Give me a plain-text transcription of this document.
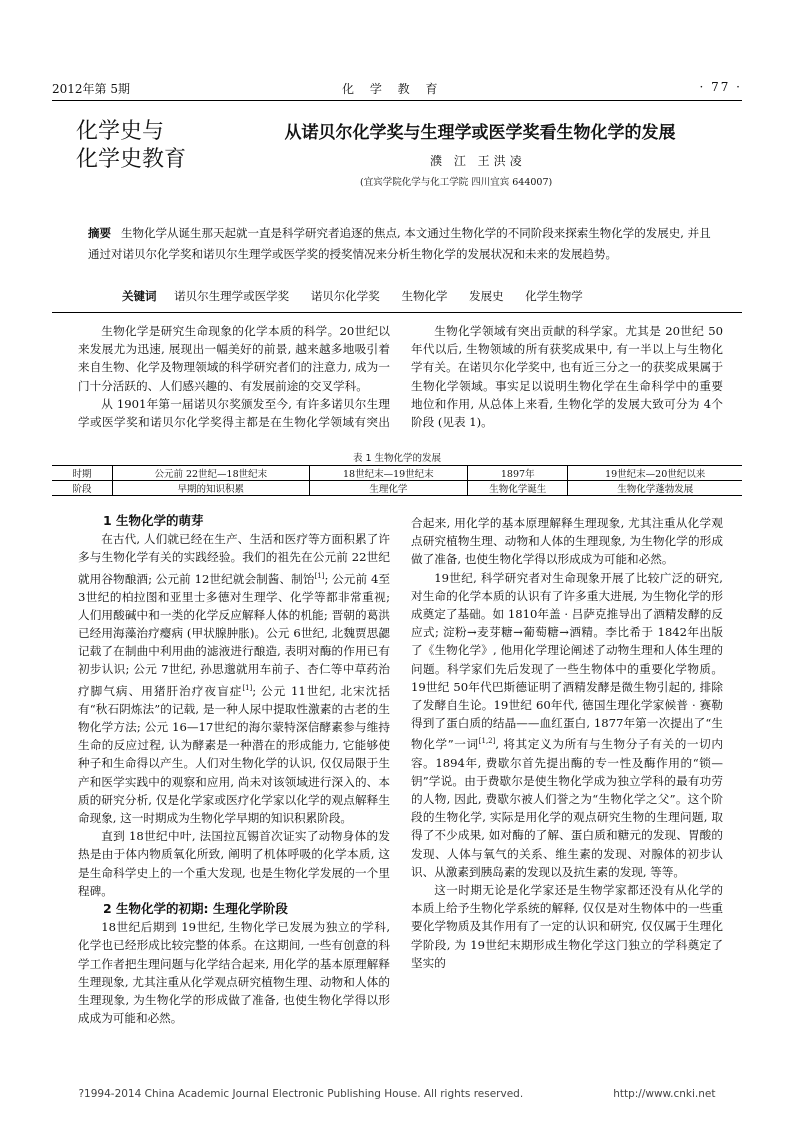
2012年第 5期	化 学 教 育	· 77 ·
化学史与
化学史教育
从诺贝尔化学奖与生理学或医学奖看生物化学的发展
濮 江 王洪凌
(宜宾学院化学与化工学院 四川宜宾 644007)
摘要 生物化学从诞生那天起就一直是科学研究者追逐的焦点, 本文通过生物化学的不同阶段来探索生物化学的发展史, 并且通过对诺贝尔化学奖和诺贝尔生理学或医学奖的授奖情况来分析生物化学的发展状况和未来的发展趋势。
关键词 诺贝尔生理学或医学奖 诺贝尔化学奖 生物化学 发展史 化学生物学

生物化学是研究生命现象的化学本质的科学。20世纪以来发展尤为迅速, 展现出一幅美好的前景, 越来越多地吸引着来自生物、化学及物理领域的科学研究者们的注意力, 成为一门十分活跃的、人们感兴趣的、有发展前途的交叉学科。

从 1901年第一届诺贝尔奖颁发至今, 有许多诺贝尔生理学或医学奖和诺贝尔化学奖得主都是在生物化学领域有突出

生物化学领域有突出贡献的科学家。尤其是 20世纪 50年代以后, 生物领域的所有获奖成果中, 有一半以上与生物化学有关。在诺贝尔化学奖中, 也有近三分之一的获奖成果属于生物化学领域。事实足以说明生物化学在生命科学中的重要地位和作用, 从总体上来看, 生物化学的发展大致可分为 4个阶段 (见表 1)。

表 1 生物化学的发展
时期	公元前 22世纪—18世纪末	18世纪末—19世纪末	1897年	19世纪末—20世纪以来
阶段	早期的知识积累	生理化学	生物化学诞生	生物化学蓬勃发展

1 生物化学的萌芽

在古代, 人们就已经在生产、生活和医疗等方面积累了许多与生物化学有关的实践经验。我们的祖先在公元前 22世纪就用谷物酿酒; 公元前 12世纪就会制酱、制饴[1]; 公元前 4至 3世纪的柏拉图和亚里士多德对生理学、化学等都非常重视; 人们用酸碱中和一类的化学反应解释人体的机能; 晋朝的葛洪已经用海藻治疗瘿病 (甲状腺肿胀)。公元 6世纪, 北魏贾思勰记载了在制曲中利用曲的滤液进行酿造, 表明对酶的作用已有初步认识; 公元 7世纪, 孙思邈就用车前子、杏仁等中草药治疗脚气病、用猪肝治疗夜盲症[1]; 公元 11世纪, 北宋沈括有“秋石阴炼法”的记载, 是一种人尿中提取性激素的古老的生物化学方法; 公元 16—17世纪的海尔蒙特深信酵素参与维持生命的反应过程, 认为酵素是一种潜在的形成能力, 它能够使种子和生命得以产生。人们对生物化学的认识, 仅仅局限于生产和医学实践中的观察和应用, 尚未对该领域进行深入的、本质的研究分析, 仅是化学家或医疗化学家以化学的观点解释生命现象, 这一时期成为生物化学早期的知识积累阶段。

直到 18世纪中叶, 法国拉瓦锡首次证实了动物身体的发热是由于体内物质氧化所致, 阐明了机体呼吸的化学本质, 这是生命科学史上的一个重大发现, 也是生物化学发展的一个里程碑。

2 生物化学的初期: 生理化学阶段

18世纪后期到 19世纪, 生物化学已发展为独立的学科, 化学也已经形成比较完整的体系。在这期间, 一些有创意的科学工作者把生理问题与化学结合起来, 用化学的基本原理解释生理现象, 尤其注重从化学观点研究植物生理、动物和人体的生理现象, 为生物化学的形成做了准备, 也使生物化学得以形成成为可能和必然。

合起来, 用化学的基本原理解释生理现象, 尤其注重从化学观点研究植物生理、动物和人体的生理现象, 为生物化学的形成做了准备, 也使生物化学得以形成成为可能和必然。

19世纪, 科学研究者对生命现象开展了比较广泛的研究, 对生命的化学本质的认识有了许多重大进展, 为生物化学的形成奠定了基础。如 1810年盖 · 吕萨克推导出了酒精发酵的反应式; 淀粉→麦芽糖→葡萄糖→酒精。李比希于 1842年出版了《生物化学》, 他用化学理论阐述了动物生理和人体生理的问题。科学家们先后发现了一些生物体中的重要化学物质。19世纪 50年代巴斯德证明了酒精发酵是微生物引起的, 排除了发酵自生论。19世纪 60年代, 德国生理化学家候普 · 赛勒得到了蛋白质的结晶——血红蛋白, 1877年第一次提出了“生物化学”一词[1,2], 将其定义为所有与生物分子有关的一切内容。1894年, 费歇尔首先提出酶的专一性及酶作用的“锁—钥”学说。由于费歇尔是使生物化学成为独立学科的最有功劳的人物, 因此, 费歇尔被人们誉之为“生物化学之父”。这个阶段的生物化学, 实际是用化学的观点研究生物的生理问题, 取得了不少成果, 如对酶的了解、蛋白质和糖元的发现、胃酸的发现、人体与氧气的关系、维生素的发现、对腺体的初步认识、从激素到胰岛素的发现以及抗生素的发现, 等等。

这一时期无论是化学家还是生物学家都还没有从化学的本质上给予生物化学系统的解释, 仅仅是对生物体中的一些重要化学物质及其作用有了一定的认识和研究, 仅仅属于生理化学阶段, 为 19世纪末期形成生物化学这门独立的学科奠定了坚实的

?1994-2014 China Academic Journal Electronic Publishing House. All rights reserved.	http://www.cnki.net
